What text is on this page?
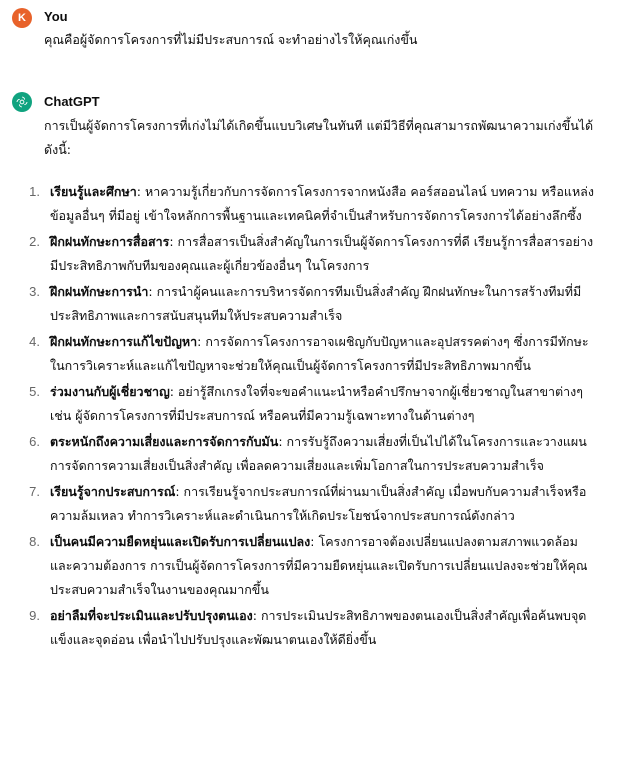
K You
คุณคือผู้จัดการโครงการที่ไม่มีประสบการณ์ จะทำอย่างไรให้คุณเก่งขึ้น
ChatGPT
การเป็นผู้จัดการโครงการที่เก่งไม่ได้เกิดขึ้นแบบวิเศษในทันที แต่มีวิธีที่คุณสามารถพัฒนาความเก่งขึ้นได้ดังนี้:
1. เรียนรู้และศึกษา: หาความรู้เกี่ยวกับการจัดการโครงการจากหนังสือ คอร์สออนไลน์ บทความ หรือแหล่งข้อมูลอื่นๆ ที่มีอยู่ เข้าใจหลักการพื้นฐานและเทคนิคที่จำเป็นสำหรับการจัดการโครงการได้อย่างลึกซึ้ง
2. ฝึกฝนทักษะการสื่อสาร: การสื่อสารเป็นสิ่งสำคัญในการเป็นผู้จัดการโครงการที่ดี เรียนรู้การสื่อสารอย่างมีประสิทธิภาพกับทีมของคุณและผู้เกี่ยวข้องอื่นๆ ในโครงการ
3. ฝึกฝนทักษะการนำ: การนำผู้คนและการบริหารจัดการทีมเป็นสิ่งสำคัญ ฝึกฝนทักษะในการสร้างทีมที่มีประสิทธิภาพและการสนับสนุนทีมให้ประสบความสำเร็จ
4. ฝึกฝนทักษะการแก้ไขปัญหา: การจัดการโครงการอาจเผชิญกับปัญหาและอุปสรรคต่างๆ ซึ่งการมีทักษะในการวิเคราะห์และแก้ไขปัญหาจะช่วยให้คุณเป็นผู้จัดการโครงการที่มีประสิทธิภาพมากขึ้น
5. ร่วมงานกับผู้เชี่ยวชาญ: อย่ารู้สึกเกรงใจที่จะขอคำแนะนำหรือคำปรึกษาจากผู้เชี่ยวชาญในสาขาต่างๆ เช่น ผู้จัดการโครงการที่มีประสบการณ์ หรือคนที่มีความรู้เฉพาะทางในด้านต่างๆ
6. ตระหนักถึงความเสี่ยงและการจัดการกับมัน: การรับรู้ถึงความเสี่ยงที่เป็นไปได้ในโครงการและวางแผนการจัดการความเสี่ยงเป็นสิ่งสำคัญ เพื่อลดความเสี่ยงและเพิ่มโอกาสในการประสบความสำเร็จ
7. เรียนรู้จากประสบการณ์: การเรียนรู้จากประสบการณ์ที่ผ่านมาเป็นสิ่งสำคัญ เมื่อพบกับความสำเร็จหรือความล้มเหลว ทำการวิเคราะห์และดำเนินการให้เกิดประโยชน์จากประสบการณ์ดังกล่าว
8. เป็นคนมีความยืดหยุ่นและเปิดรับการเปลี่ยนแปลง: โครงการอาจต้องเปลี่ยนแปลงตามสภาพแวดล้อมและความต้องการ การเป็นผู้จัดการโครงการที่มีความยืดหยุ่นและเปิดรับการเปลี่ยนแปลงจะช่วยให้คุณประสบความสำเร็จในงานของคุณมากขึ้น
9. อย่าลืมที่จะประเมินและปรับปรุงตนเอง: การประเมินประสิทธิภาพของตนเองเป็นสิ่งสำคัญเพื่อค้นพบจุดแข็งและจุดอ่อน เพื่อนำไปปรับปรุงและพัฒนาตนเองให้ดียิ่งขึ้น
